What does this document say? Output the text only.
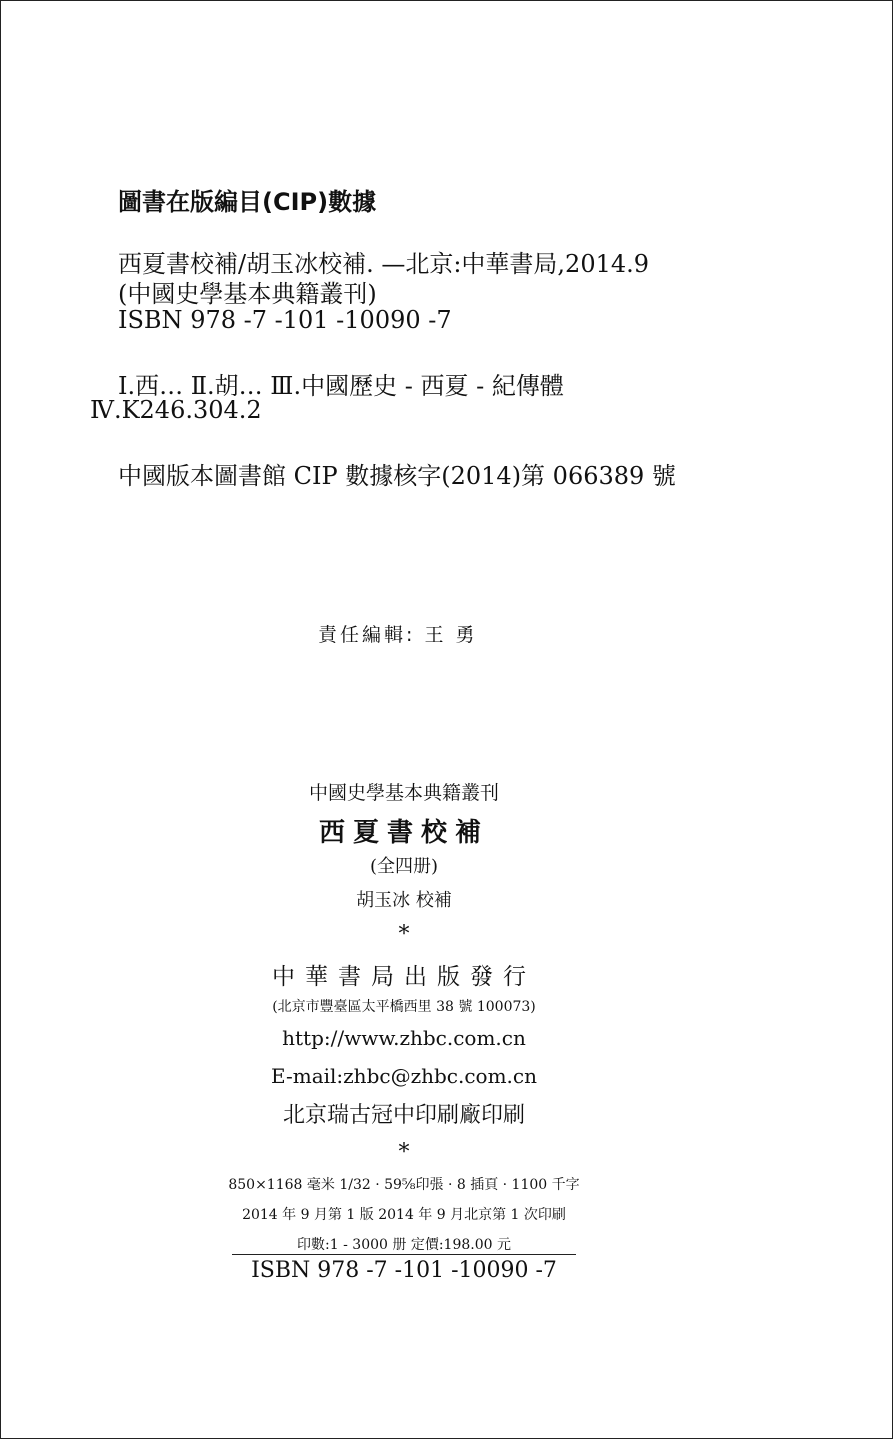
圖書在版編目(CIP)數據
西夏書校補/胡玉冰校補. —北京:中華書局,2014.9
(中國史學基本典籍叢刊)
ISBN 978 -7 -101 -10090 -7
Ⅰ.西… Ⅱ.胡… Ⅲ.中國歷史 - 西夏 - 紀傳體
Ⅳ.K246.304.2
中國版本圖書館 CIP 數據核字(2014)第 066389 號
責任編輯: 王 勇
中國史學基本典籍叢刊
西夏書校補
(全四册)
胡玉冰 校補
*
中華書局出版發行
(北京市豐臺區太平橋西里 38 號 100073)
http://www.zhbc.com.cn
E-mail:zhbc@zhbc.com.cn
北京瑞古冠中印刷廠印刷
*
850×1168 毫米 1/32 · 59⅝印張 · 8 插頁 · 1100 千字
2014 年 9 月第 1 版 2014 年 9 月北京第 1 次印刷
印數:1 - 3000 册 定價:198.00 元
ISBN 978 -7 -101 -10090 -7
